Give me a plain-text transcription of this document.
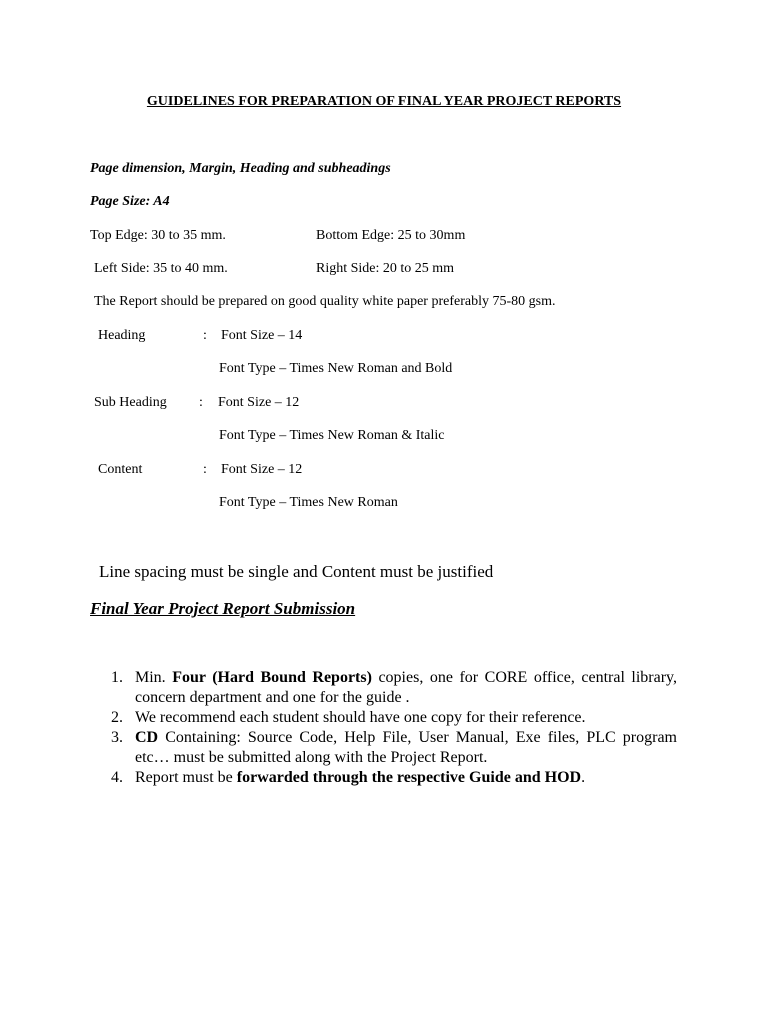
GUIDELINES FOR PREPARATION OF FINAL YEAR PROJECT REPORTS
Page dimension, Margin, Heading and subheadings
Page Size: A4
Top Edge: 30 to 35 mm.	Bottom Edge: 25 to 30mm
Left Side: 35 to 40 mm.	Right Side: 20 to 25 mm
The Report should be prepared on good quality white paper preferably 75-80 gsm.
Heading	: Font Size – 14
Font Type – Times New Roman and Bold
Sub Heading : Font Size – 12
Font Type – Times New Roman & Italic
Content	: Font Size – 12
Font Type – Times New Roman
Line spacing must be single and Content must be justified
Final Year Project Report Submission
1. Min. Four (Hard Bound Reports) copies, one for CORE office, central library, concern department and one for the guide .
2. We recommend each student should have one copy for their reference.
3. CD Containing: Source Code, Help File, User Manual, Exe files, PLC program etc… must be submitted along with the Project Report.
4. Report must be forwarded through the respective Guide and HOD.
